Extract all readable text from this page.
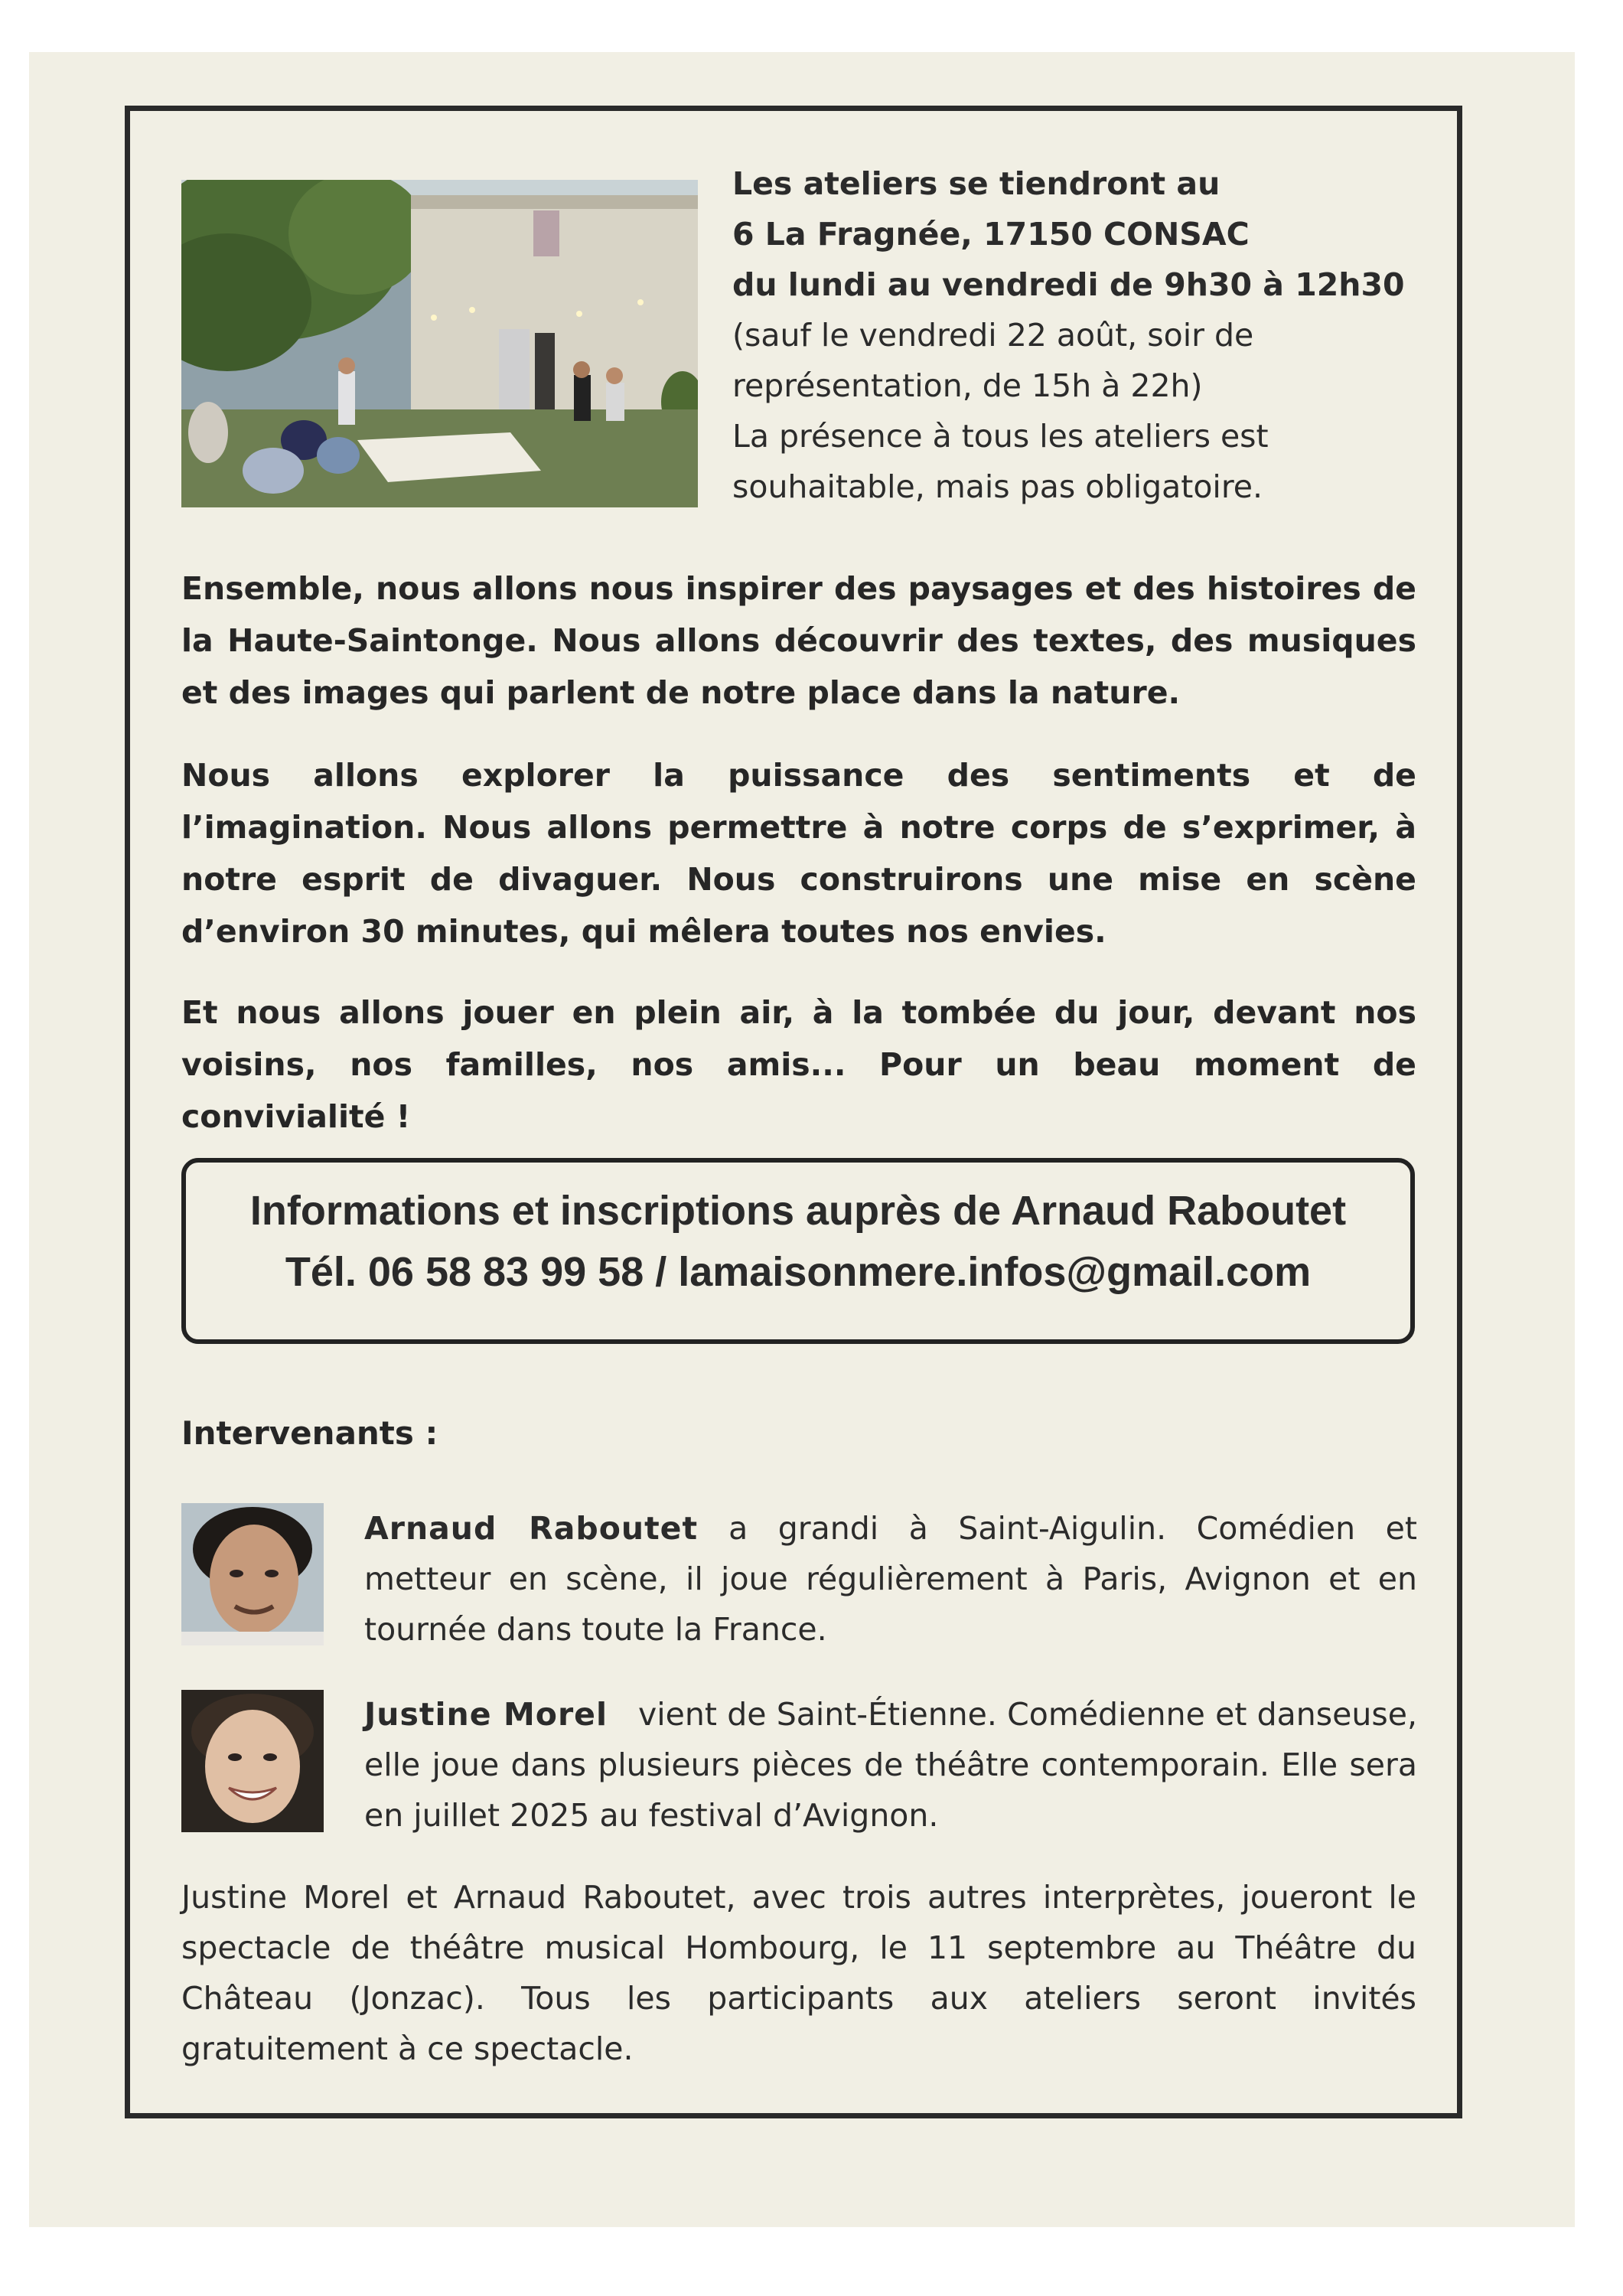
Les ateliers se tiendront au
6 La Fragnée, 17150 CONSAC
du lundi au vendredi de 9h30 à 12h30
(sauf le vendredi 22 août, soir de
représentation, de 15h à 22h)
La présence à tous les ateliers est
souhaitable, mais pas obligatoire.
Ensemble, nous allons nous inspirer des paysages et des histoires de la Haute-Saintonge. Nous allons découvrir des textes, des musiques et des images qui parlent de notre place dans la nature.
Nous allons explorer la puissance des sentiments et de l’imagination. Nous allons permettre à notre corps de s’exprimer, à notre esprit de divaguer. Nous construirons une mise en scène d’environ 30 minutes, qui mêlera toutes nos envies.
Et nous allons jouer en plein air, à la tombée du jour, devant nos voisins, nos familles, nos amis... Pour un beau moment de convivialité !
Informations et inscriptions auprès de Arnaud Raboutet
Tél. 06 58 83 99 58 / lamaisonmere.infos@gmail.com
Intervenants :
Arnaud Raboutet a grandi à Saint-Aigulin. Comédien et metteur en scène, il joue régulièrement à Paris, Avignon et en tournée dans toute la France.
Justine Morel vient de Saint-Étienne. Comédienne et danseuse, elle joue dans plusieurs pièces de théâtre contemporain. Elle sera en juillet 2025 au festival d’Avignon.
Justine Morel et Arnaud Raboutet, avec trois autres interprètes, joueront le spectacle de théâtre musical Hombourg, le 11 septembre au Théâtre du Château (Jonzac). Tous les participants aux ateliers seront invités gratuitement à ce spectacle.
